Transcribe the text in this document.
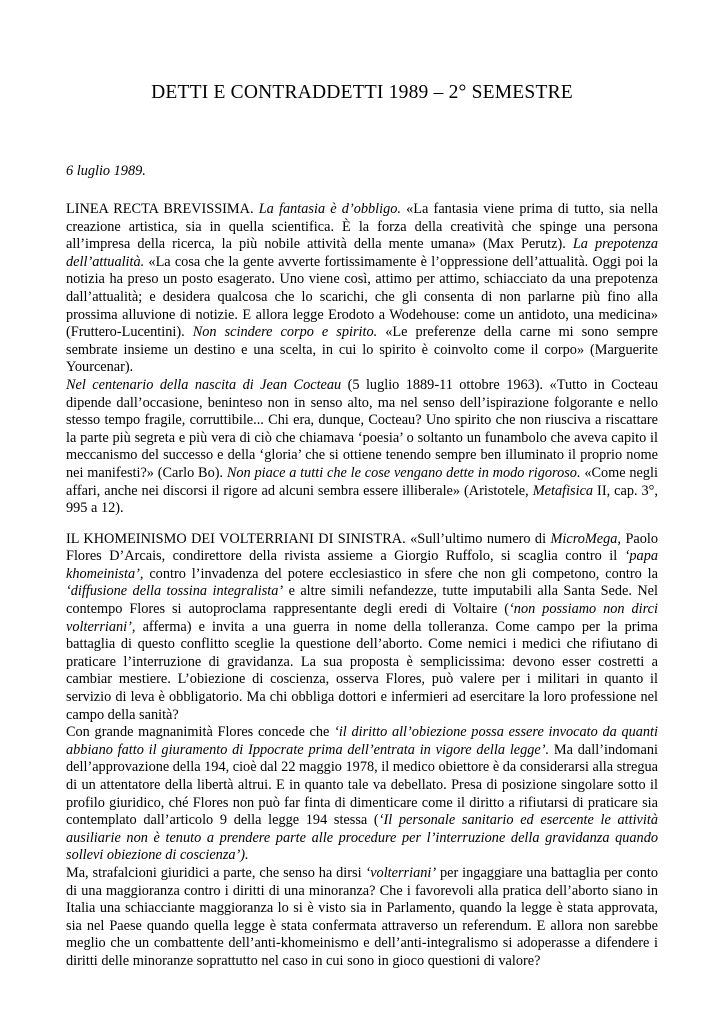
DETTI E CONTRADDETTI 1989 – 2° SEMESTRE
6 luglio 1989.

LINEA RECTA BREVISSIMA. La fantasia è d’obbligo. «La fantasia viene prima di tutto, sia nella creazione artistica, sia in quella scientifica. È la forza della creatività che spinge una persona all’impresa della ricerca, la più nobile attività della mente umana» (Max Perutz). La prepotenza dell’attualità. «La cosa che la gente avverte fortissimamente è l’oppressione dell’attualità. Oggi poi la notizia ha preso un posto esagerato. Uno viene così, attimo per attimo, schiacciato da una prepotenza dall’attualità; e desidera qualcosa che lo scarichi, che gli consenta di non parlarne più fino alla prossima alluvione di notizie. E allora legge Erodoto a Wodehouse: come un antidoto, una medicina» (Fruttero-Lucentini). Non scindere corpo e spirito. «Le preferenze della carne mi sono sempre sembrate insieme un destino e una scelta, in cui lo spirito è coinvolto come il corpo» (Marguerite Yourcenar).
Nel centenario della nascita di Jean Cocteau (5 luglio 1889-11 ottobre 1963). «Tutto in Cocteau dipende dall’occasione, beninteso non in senso alto, ma nel senso dell’ispirazione folgorante e nello stesso tempo fragile, corruttibile... Chi era, dunque, Cocteau? Uno spirito che non riusciva a riscattare la parte più segreta e più vera di ciò che chiamava ‘poesia’ o soltanto un funambolo che aveva capito il meccanismo del successo e della ‘gloria’ che si ottiene tenendo sempre ben illuminato il proprio nome nei manifesti?» (Carlo Bo). Non piace a tutti che le cose vengano dette in modo rigoroso. «Come negli affari, anche nei discorsi il rigore ad alcuni sembra essere illiberale» (Aristotele, Metafisica II, cap. 3°, 995 a 12).

IL KHOMEINISMO DEI VOLTERRIANI DI SINISTRA. «Sull’ultimo numero di MicroMega, Paolo Flores D’Arcais, condirettore della rivista assieme a Giorgio Ruffolo, si scaglia contro il ‘papa khomeinista’, contro l’invadenza del potere ecclesiastico in sfere che non gli competono, contro la ‘diffusione della tossina integralista’ e altre simili nefandezze, tutte imputabili alla Santa Sede. Nel contempo Flores si autoproclama rappresentante degli eredi di Voltaire (‘non possiamo non dirci volterriani’, afferma) e invita a una guerra in nome della tolleranza. Come campo per la prima battaglia di questo conflitto sceglie la questione dell’aborto. Come nemici i medici che rifiutano di praticare l’interruzione di gravidanza. La sua proposta è semplicissima: devono esser costretti a cambiar mestiere. L’obiezione di coscienza, osserva Flores, può valere per i militari in quanto il servizio di leva è obbligatorio. Ma chi obbliga dottori e infermieri ad esercitare la loro professione nel campo della sanità?
Con grande magnanimità Flores concede che ‘il diritto all’obiezione possa essere invocato da quanti abbiano fatto il giuramento di Ippocrate prima dell’entrata in vigore della legge’. Ma dall’indomani dell’approvazione della 194, cioè dal 22 maggio 1978, il medico obiettore è da considerarsi alla stregua di un attentatore della libertà altrui. E in quanto tale va debellato. Presa di posizione singolare sotto il profilo giuridico, ché Flores non può far finta di dimenticare come il diritto a rifiutarsi di praticare sia contemplato dall’articolo 9 della legge 194 stessa (‘Il personale sanitario ed esercente le attività ausiliarie non è tenuto a prendere parte alle procedure per l’interruzione della gravidanza quando sollevi obiezione di coscienza’).
Ma, strafalcioni giuridici a parte, che senso ha dirsi ‘volterriani’ per ingaggiare una battaglia per conto di una maggioranza contro i diritti di una minoranza? Che i favorevoli alla pratica dell’aborto siano in Italia una schiacciante maggioranza lo si è visto sia in Parlamento, quando la legge è stata approvata, sia nel Paese quando quella legge è stata confermata attraverso un referendum. E allora non sarebbe meglio che un combattente dell’anti-khomeinismo e dell’anti-integralismo si adoperasse a difendere i diritti delle minoranze soprattutto nel caso in cui sono in gioco questioni di valore?
